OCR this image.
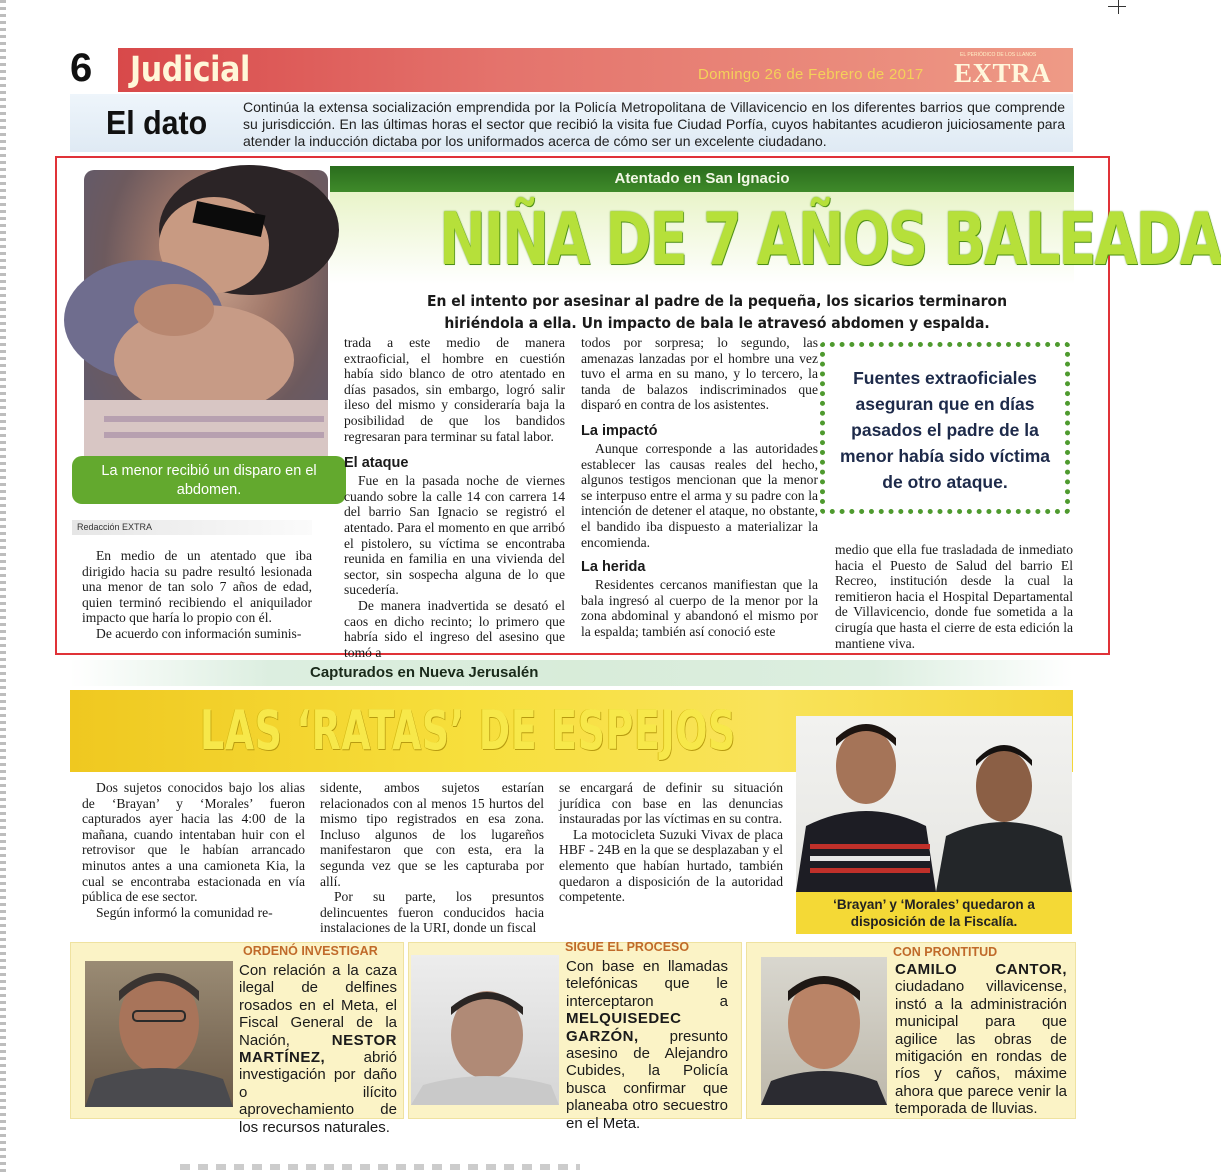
6 Judicial	Domingo 26 de Febrero de 2017
EL PERIÓDICO DE LOS LLANOS
EXTRA
El dato	Continúa la extensa socialización emprendida por la Policía Metropolitana de Villavicencio en los diferentes barrios que comprende su jurisdicción. En las últimas horas el sector que recibió la visita fue Ciudad Porfía, cuyos habitantes acudieron juiciosamente para atender la inducción dictaba por los uniformados acerca de cómo ser un excelente ciudadano.
Atentado en San Ignacio
NIÑA DE 7 AÑOS BALEADA
En el intento por asesinar al padre de la pequeña, los sicarios terminaron hiriéndola a ella. Un impacto de bala le atravesó abdomen y espalda.
La menor recibió un disparo en el abdomen.
Redacción EXTRA

En medio de un atentado que iba dirigido hacia su padre resultó lesionada una menor de tan solo 7 años de edad, quien terminó recibiendo el aniquilador impacto que haría lo propio con él.

De acuerdo con información suminis-

trada a este medio de manera extraoficial, el hombre en cuestión había sido blanco de otro atentado en días pasados, sin embargo, logró salir ileso del mismo y consideraría baja la posibilidad de que los bandidos regresaran para terminar su fatal labor.

El ataque

Fue en la pasada noche de viernes cuando sobre la calle 14 con carrera 14 del barrio San Ignacio se registró el atentado. Para el momento en que arribó el pistolero, su víctima se encontraba reunida en familia en una vivienda del sector, sin sospecha alguna de lo que sucedería.

De manera inadvertida se desató el caos en dicho recinto; lo primero que habría sido el ingreso del asesino que tomó a

todos por sorpresa; lo segundo, las amenazas lanzadas por el hombre una vez tuvo el arma en su mano, y lo tercero, la tanda de balazos indiscriminados que disparó en contra de los asistentes.

La impactó

Aunque corresponde a las autoridades establecer las causas reales del hecho, algunos testigos mencionan que la menor se interpuso entre el arma y su padre con la intención de detener el ataque, no obstante, el bandido iba dispuesto a materializar la encomienda.

La herida

Residentes cercanos manifiestan que la bala ingresó al cuerpo de la menor por la zona abdominal y abandonó el mismo por la espalda; también así conoció este

Fuentes extraoficiales aseguran que en días pasados el padre de la menor había sido víctima de otro ataque.

medio que ella fue trasladada de inmediato hacia el Puesto de Salud del barrio El Recreo, institución desde la cual la remitieron hacia el Hospital Departamental de Villavicencio, donde fue sometida a la cirugía que hasta el cierre de esta edición la mantiene viva.

Capturados en Nueva Jerusalén
LAS ‘RATAS’ DE ESPEJOS
‘Brayan’ y ‘Morales’ quedaron a disposición de la Fiscalía.

Dos sujetos conocidos bajo los alias de ‘Brayan’ y ‘Morales’ fueron capturados ayer hacia las 4:00 de la mañana, cuando intentaban huir con el retrovisor que le habían arrancado minutos antes a una camioneta Kia, la cual se encontraba estacionada en vía pública de ese sector.

Según informó la comunidad re-

sidente, ambos sujetos estarían relacionados con al menos 15 hurtos del mismo tipo registrados en esa zona. Incluso algunos de los lugareños manifestaron que con esta, era la segunda vez que se les capturaba por allí.

Por su parte, los presuntos delincuentes fueron conducidos hacia instalaciones de la URI, donde un fiscal

se encargará de definir su situación jurídica con base en las denuncias instauradas por las víctimas en su contra.

La motocicleta Suzuki Vivax de placa HBF - 24B en la que se desplazaban y el elemento que habían hurtado, también quedaron a disposición de la autoridad competente.

ORDENÓ INVESTIGAR
Con relación a la caza ilegal de delfines rosados en el Meta, el Fiscal General de la Nación,	NESTOR MARTÍNEZ,	abrió investigación por daño o ilícito aprovechamiento de los recursos naturales.
SIGUE EL PROCESO
Con base en llamadas telefónicas que le interceptaron a MELQUISEDEC GARZÓN, presunto asesino de Alejandro Cubides, la Policía busca confirmar que planeaba otro secuestro en el Meta.
CON PRONTITUD
CAMILO CANTOR, ciudadano villavicense, instó a la administración municipal para que agilice las obras de mitigación en rondas de ríos y caños, máxime ahora que parece venir la temporada de lluvias.
